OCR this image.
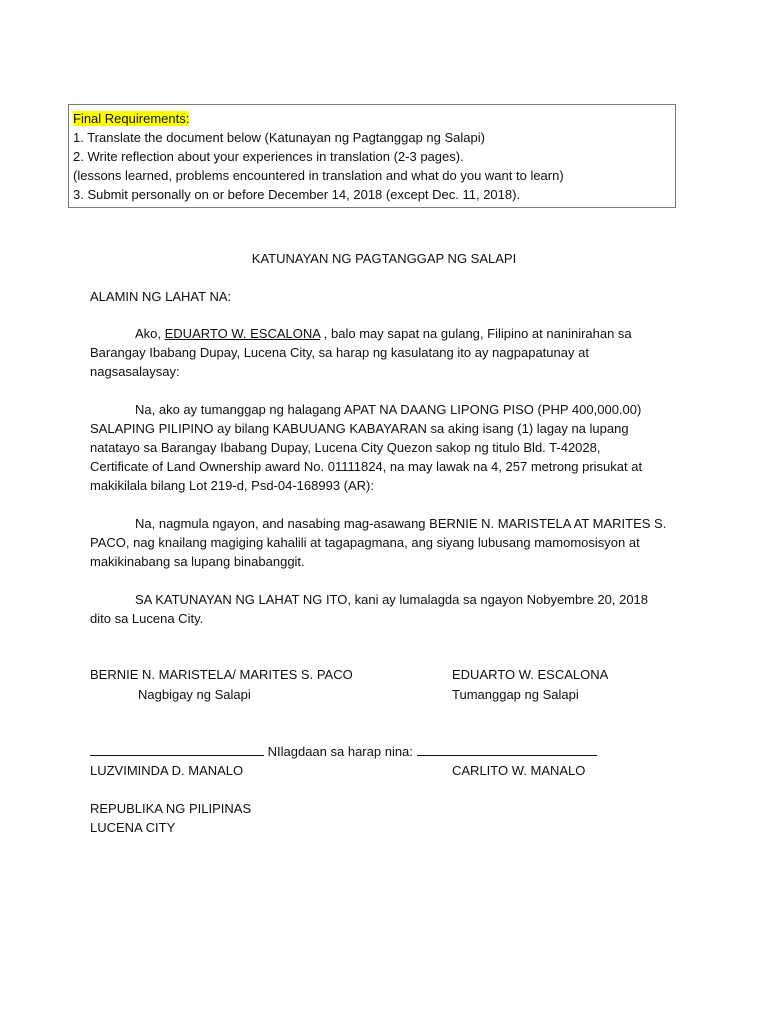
Final Requirements:
1. Translate the document below (Katunayan ng Pagtanggap ng Salapi)
2. Write reflection about your experiences in translation (2-3 pages).
(lessons learned, problems encountered in translation and what do you want to learn)
3. Submit personally on or before December 14, 2018 (except Dec. 11, 2018).
KATUNAYAN NG PAGTANGGAP NG SALAPI
ALAMIN NG LAHAT NA:
Ako, EDUARTO W. ESCALONA , balo may sapat na gulang, Filipino at naninirahan sa
Barangay Ibabang Dupay, Lucena City, sa harap ng kasulatang ito ay nagpapatunay at
nagsasalaysay:
Na, ako ay tumanggap ng halagang APAT NA DAANG LIPONG PISO (PHP 400,000.00)
SALAPING PILIPINO ay bilang KABUUANG KABAYARAN sa aking isang (1) lagay na lupang
natatayo sa Barangay Ibabang Dupay, Lucena City Quezon sakop ng titulo Bld. T-42028,
Certificate of Land Ownership award No. 01111824, na may lawak na 4, 257 metrong prisukat at
makikilala bilang Lot 219-d, Psd-04-168993 (AR):
Na, nagmula ngayon, and nasabing mag-asawang BERNIE N. MARISTELA AT MARITES S.
PACO, nag knailang magiging kahalili at tagapagmana, ang siyang lubusang mamomosisyon at
makikinabang sa lupang binabanggit.
SA KATUNAYAN NG LAHAT NG ITO, kani ay lumalagda sa ngayon Nobyembre 20, 2018
dito sa Lucena City.
BERNIE N. MARISTELA/ MARITES S. PACO
Nagbigay ng Salapi
EDUARTO W. ESCALONA
Tumanggap ng Salapi
NIlagdaan sa harap nina:
LUZVIMINDA D. MANALO	CARLITO W. MANALO
REPUBLIKA NG PILIPINAS
LUCENA CITY
